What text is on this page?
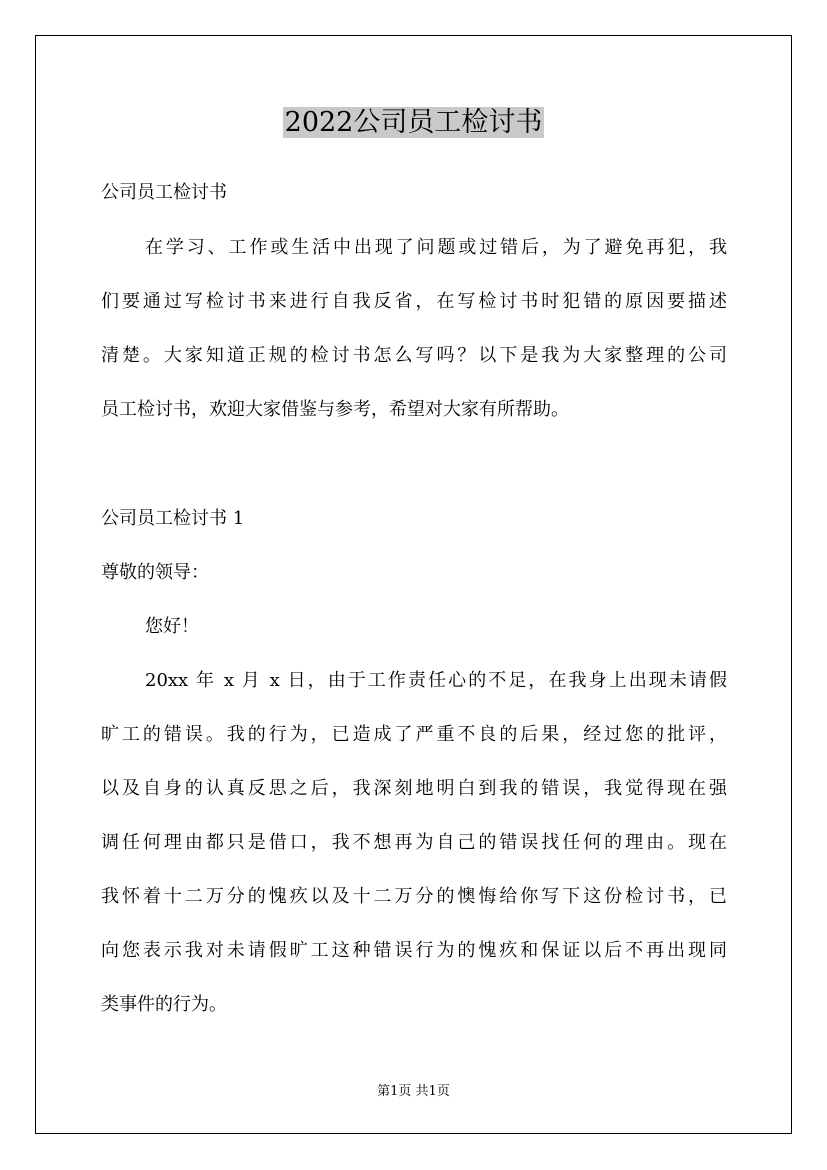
2022公司员工检讨书
公司员工检讨书
在学习、工作或生活中出现了问题或过错后，为了避免再犯，我
们要通过写检讨书来进行自我反省，在写检讨书时犯错的原因要描述
清楚。大家知道正规的检讨书怎么写吗？以下是我为大家整理的公司
员工检讨书，欢迎大家借鉴与参考，希望对大家有所帮助。
公司员工检讨书 1
尊敬的领导：
您好！
20xx 年 x 月 x 日，由于工作责任心的不足，在我身上出现未请假
旷工的错误。我的行为，已造成了严重不良的后果，经过您的批评，
以及自身的认真反思之后，我深刻地明白到我的错误，我觉得现在强
调任何理由都只是借口，我不想再为自己的错误找任何的理由。现在
我怀着十二万分的愧疚以及十二万分的懊悔给你写下这份检讨书，已
向您表示我对未请假旷工这种错误行为的愧疚和保证以后不再出现同
类事件的行为。
第1页 共1页
